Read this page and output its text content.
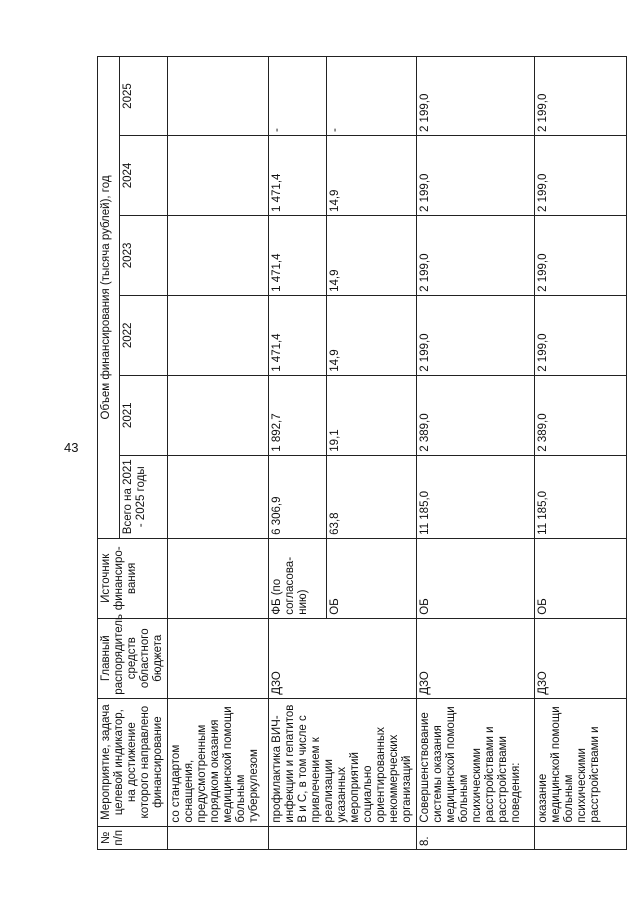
43
№ п/п	Мероприятие, задача целевой индикатор, на достижение которого направлено финансирование	Главный распорядитель средств областного бюджета	Источник финансиро-вания	Объем финансирования (тысяча рублей), год					
				Всего на 2021 - 2025 годы	2021	2022	2023	2024	2025
	со стандартом оснащения, предусмотренным порядком оказания медицинской помощи больным туберкулезом								
	профилактика ВИЧ-инфекции и гепатитов В и С, в том числе с привлечением к реализации указанных мероприятий социально ориентированных некоммерческих организаций	ДЗО	ФБ (по согласова-нию)	6 306,9	1 892,7	1 471,4	1 471,4	1 471,4	-
			ОБ	63,8	19,1	14,9	14,9	14,9	-
8.	Совершенствование системы оказания медицинской помощи больным психическими расстройствами и расстройствами поведения:	ДЗО	ОБ	11 185,0	2 389,0	2 199,0	2 199,0	2 199,0	2 199,0
	оказание медицинской помощи больным психическими расстройствами и	ДЗО	ОБ	11 185,0	2 389,0	2 199,0	2 199,0	2 199,0	2 199,0
